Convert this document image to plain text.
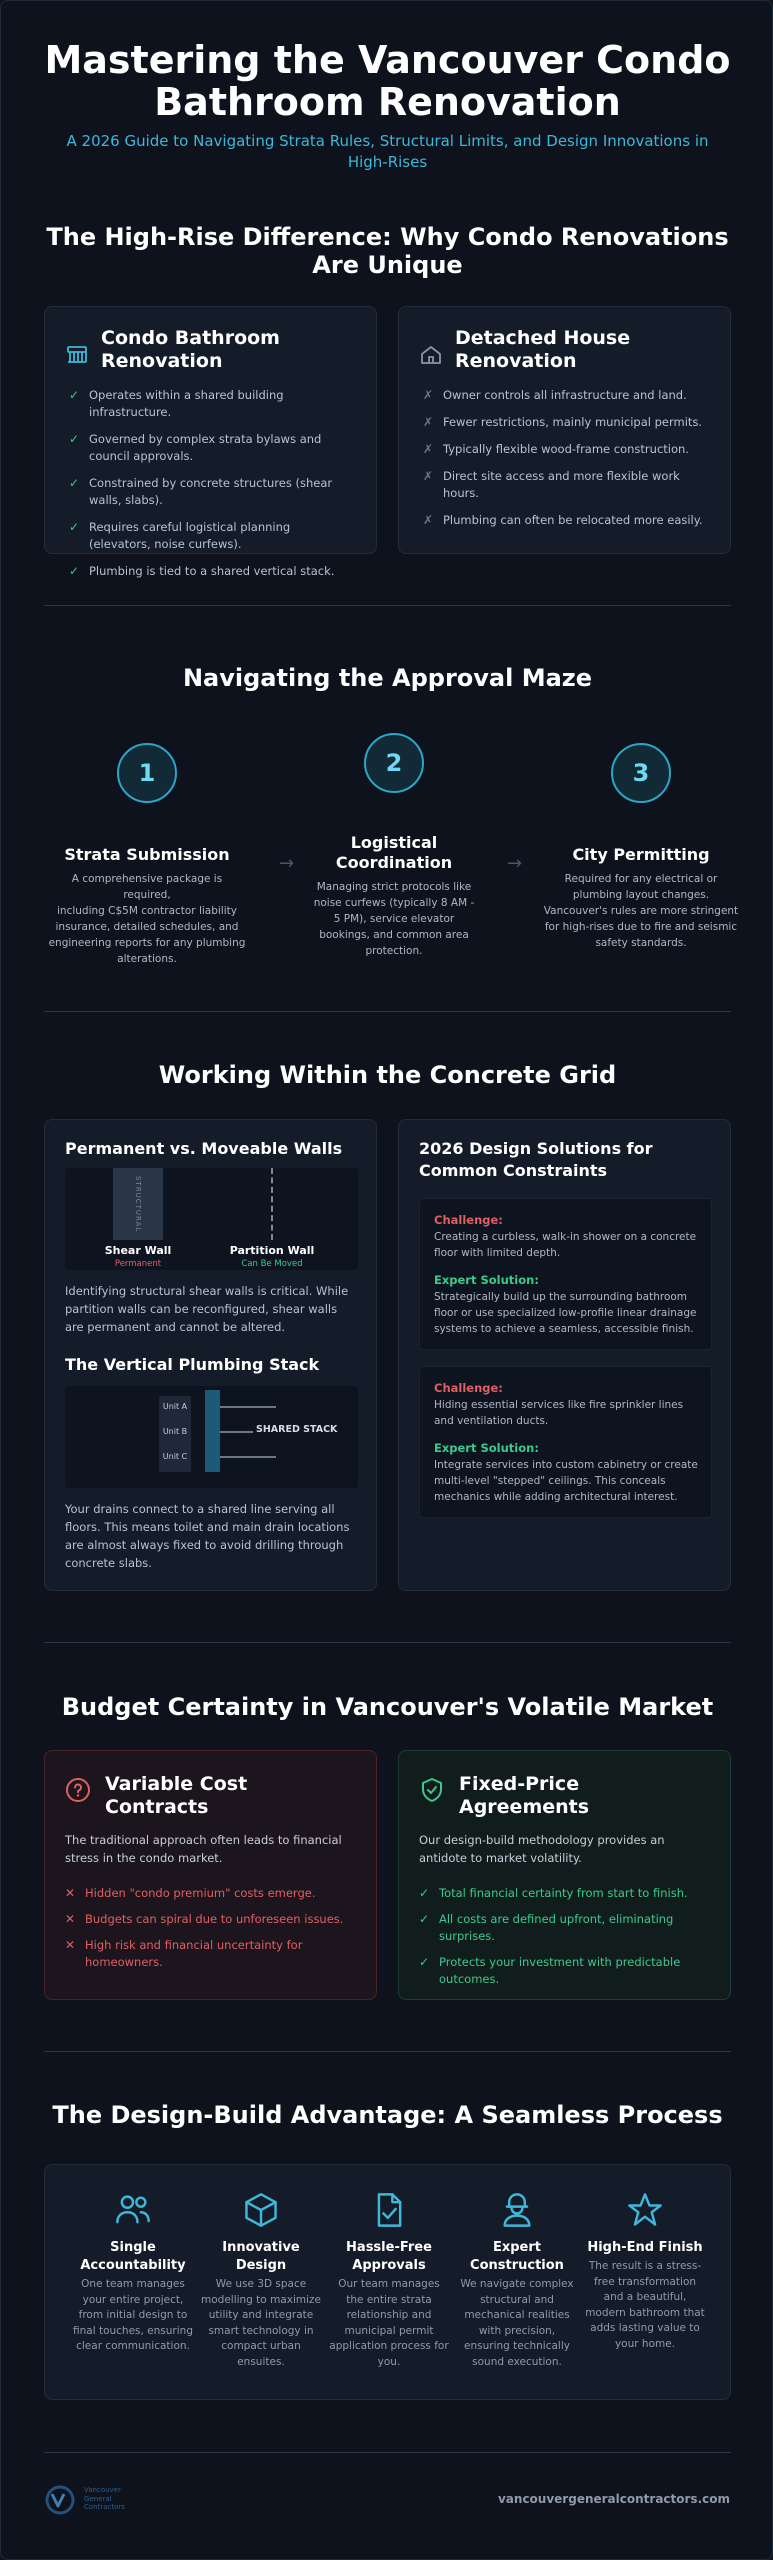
Mastering the Vancouver Condo
Bathroom Renovation
A 2026 Guide to Navigating Strata Rules, Structural Limits, and Design Innovations in
High-Rises
The High-Rise Difference: Why Condo Renovations
Are Unique
Condo Bathroom
Renovation
✓ Operates within a shared building
infrastructure.
✓ Governed by complex strata bylaws and
council approvals.
✓ Constrained by concrete structures (shear
walls, slabs).
✓ Requires careful logistical planning
(elevators, noise curfews).
✓ Plumbing is tied to a shared vertical stack.
Detached House
Renovation
✗ Owner controls all infrastructure and land.
✗ Fewer restrictions, mainly municipal permits.
✗ Typically flexible wood-frame construction.
✗ Direct site access and more flexible work
hours.
✗ Plumbing can often be relocated more easily.
Navigating the Approval Maze
1
Strata Submission
A comprehensive package is required,
including C$5M contractor liability
insurance, detailed schedules, and
engineering reports for any plumbing
alterations.
2
Logistical
Coordination
Managing strict protocols like
noise curfews (typically 8 AM -
5 PM), service elevator
bookings, and common area
protection.
3
City Permitting
Required for any electrical or
plumbing layout changes.
Vancouver's rules are more stringent
for high-rises due to fire and seismic
safety standards.
→	→
Working Within the Concrete Grid
Permanent vs. Moveable Walls
STRUCTURAL
Shear Wall
Permanent
Partition Wall
Can Be Moved
Identifying structural shear walls is critical. While
partition walls can be reconfigured, shear walls
are permanent and cannot be altered.
The Vertical Plumbing Stack
Unit A
Unit B
Unit C
SHARED STACK
Your drains connect to a shared line serving all
floors. This means toilet and main drain locations
are almost always fixed to avoid drilling through
concrete slabs.
2026 Design Solutions for
Common Constraints
Challenge:
Creating a curbless, walk-in shower on a concrete
floor with limited depth.
Expert Solution:
Strategically build up the surrounding bathroom
floor or use specialized low-profile linear drainage
systems to achieve a seamless, accessible finish.
Challenge:
Hiding essential services like fire sprinkler lines
and ventilation ducts.
Expert Solution:
Integrate services into custom cabinetry or create
multi-level "stepped" ceilings. This conceals
mechanics while adding architectural interest.
Budget Certainty in Vancouver's Volatile Market
Variable Cost
Contracts
The traditional approach often leads to financial
stress in the condo market.
✕ Hidden "condo premium" costs emerge.
✕ Budgets can spiral due to unforeseen issues.
✕ High risk and financial uncertainty for
homeowners.
Fixed-Price
Agreements
Our design-build methodology provides an
antidote to market volatility.
✓ Total financial certainty from start to finish.
✓ All costs are defined upfront, eliminating
surprises.
✓ Protects your investment with predictable
outcomes.
The Design-Build Advantage: A Seamless Process
Single
Accountability
One team manages
your entire project,
from initial design to
final touches, ensuring
clear communication.
Innovative
Design
We use 3D space
modelling to maximize
utility and integrate
smart technology in
compact urban
ensuites.
Hassle-Free
Approvals
Our team manages
the entire strata
relationship and
municipal permit
application process for
you.
Expert
Construction
We navigate complex
structural and
mechanical realities
with precision,
ensuring technically
sound execution.
High-End Finish
The result is a stress-
free transformation
and a beautiful,
modern bathroom that
adds lasting value to
your home.
Vancouver
General
Contractors
vancouvergeneralcontractors.com
